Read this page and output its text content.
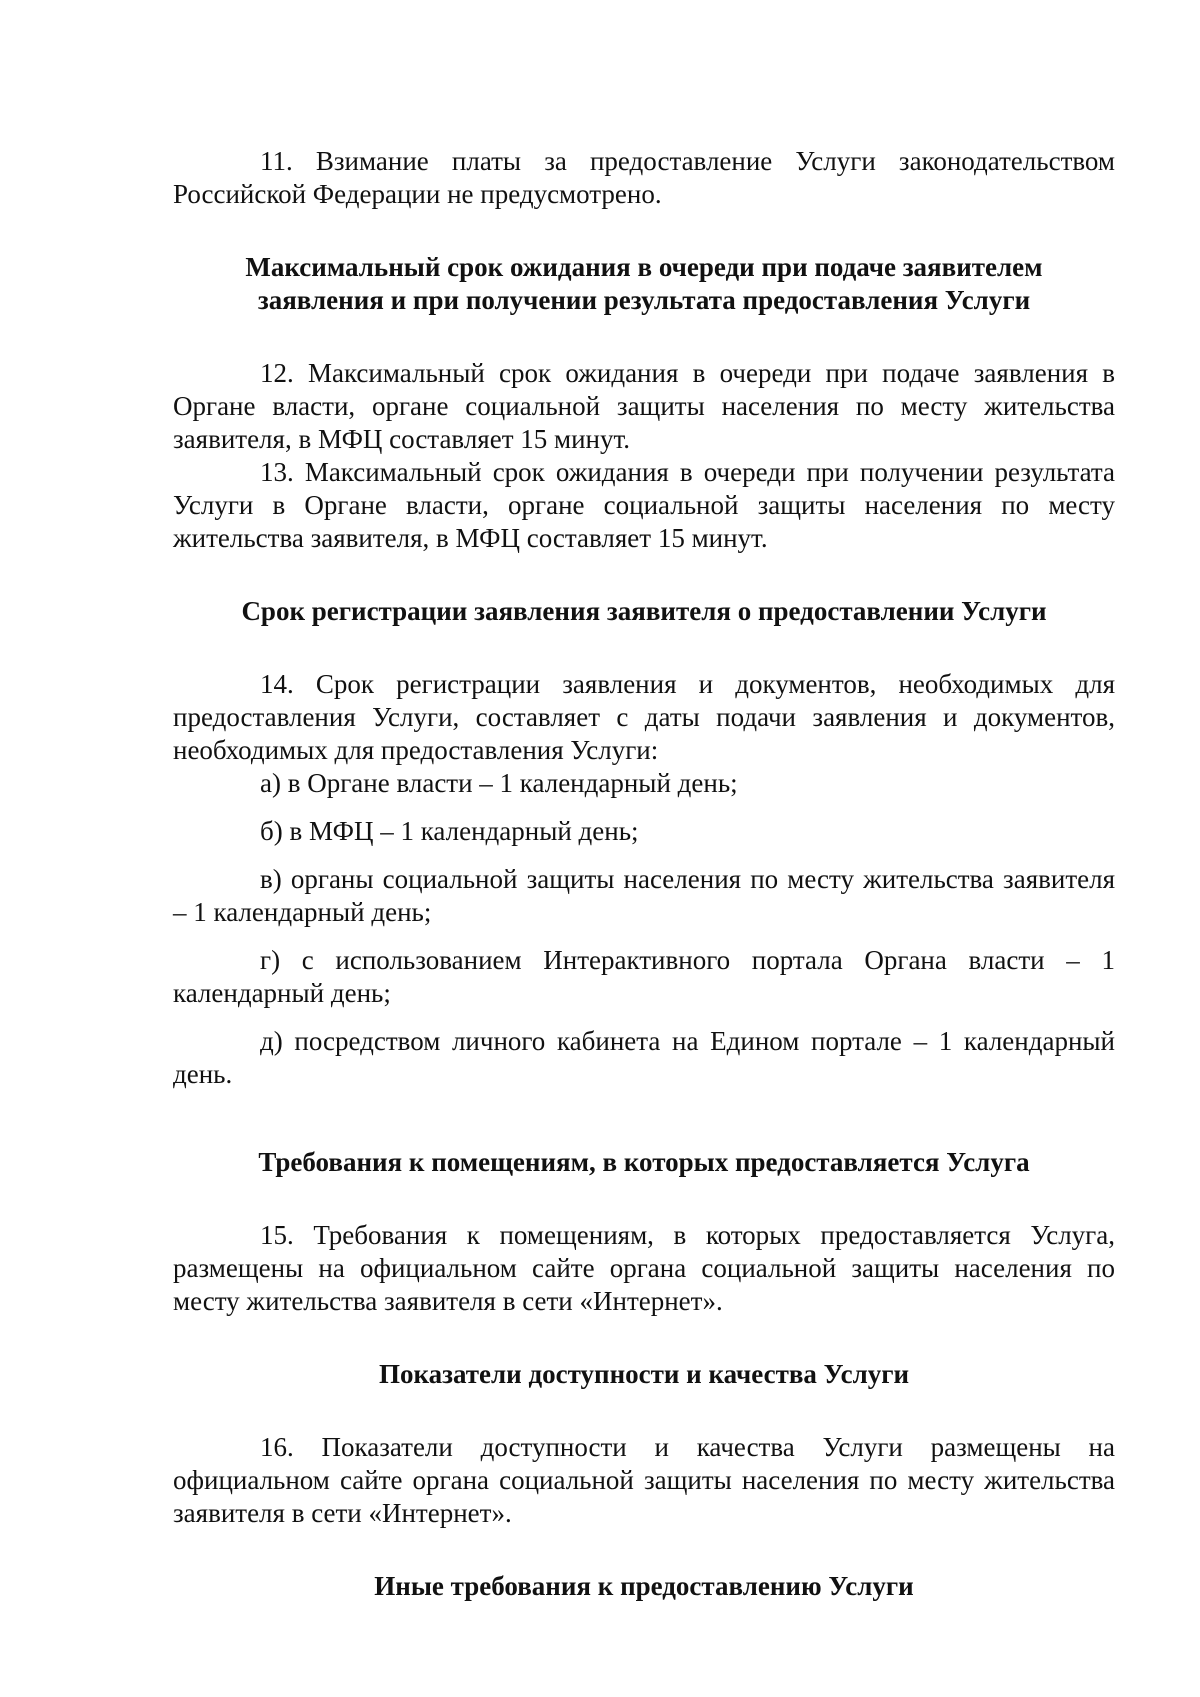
11. Взимание платы за предоставление Услуги законодательством Российской Федерации не предусмотрено.

Максимальный срок ожидания в очереди при подаче заявителем заявления и при получении результата предоставления Услуги

12. Максимальный срок ожидания в очереди при подаче заявления в Органе власти, органе социальной защиты населения по месту жительства заявителя, в МФЦ составляет 15 минут.

13. Максимальный срок ожидания в очереди при получении результата Услуги в Органе власти, органе социальной защиты населения по месту жительства заявителя, в МФЦ составляет 15 минут.

Срок регистрации заявления заявителя о предоставлении Услуги

14. Срок регистрации заявления и документов, необходимых для предоставления Услуги, составляет с даты подачи заявления и документов, необходимых для предоставления Услуги:

а) в Органе власти – 1 календарный день;

б) в МФЦ – 1 календарный день;

в) органы социальной защиты населения по месту жительства заявителя – 1 календарный день;

г) с использованием Интерактивного портала Органа власти – 1 календарный день;

д) посредством личного кабинета на Едином портале – 1 календарный день.

Требования к помещениям, в которых предоставляется Услуга

15. Требования к помещениям, в которых предоставляется Услуга, размещены на официальном сайте органа социальной защиты населения по месту жительства заявителя в сети «Интернет».

Показатели доступности и качества Услуги

16. Показатели доступности и качества Услуги размещены на официальном сайте органа социальной защиты населения по месту жительства заявителя в сети «Интернет».

Иные требования к предоставлению Услуги
